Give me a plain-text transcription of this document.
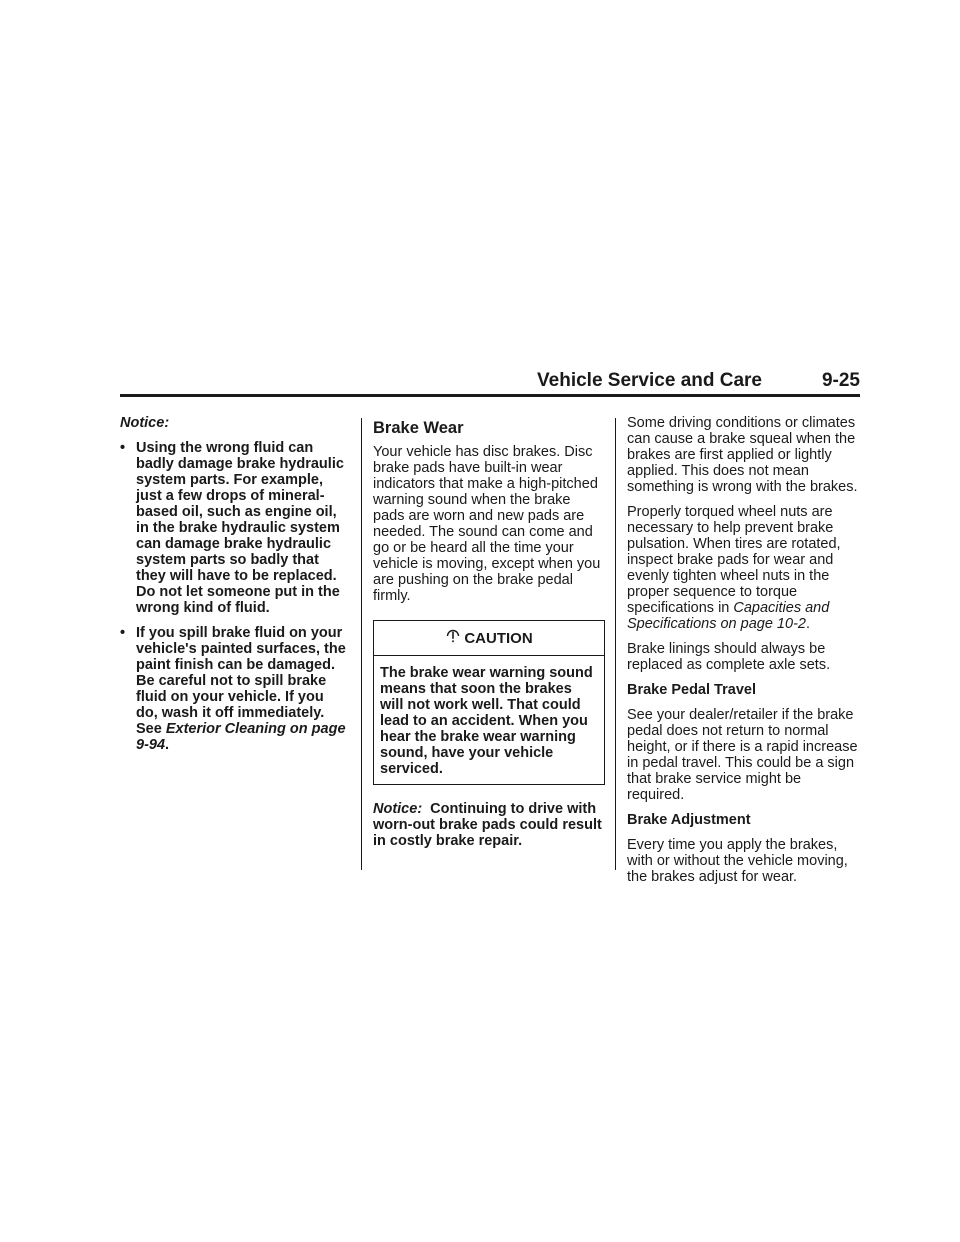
Vehicle Service and Care	9-25
Notice:
• Using the wrong fluid can badly damage brake hydraulic system parts. For example, just a few drops of mineral-based oil, such as engine oil, in the brake hydraulic system can damage brake hydraulic system parts so badly that they will have to be replaced. Do not let someone put in the wrong kind of fluid.
• If you spill brake fluid on your vehicle's painted surfaces, the paint finish can be damaged. Be careful not to spill brake fluid on your vehicle. If you do, wash it off immediately. See Exterior Cleaning on page 9-94.
Brake Wear

Your vehicle has disc brakes. Disc brake pads have built-in wear indicators that make a high-pitched warning sound when the brake pads are worn and new pads are needed. The sound can come and go or be heard all the time your vehicle is moving, except when you are pushing on the brake pedal firmly.

CAUTION
The brake wear warning sound means that soon the brakes will not work well. That could lead to an accident. When you hear the brake wear warning sound, have your vehicle serviced.

Notice: Continuing to drive with worn-out brake pads could result in costly brake repair.

Some driving conditions or climates can cause a brake squeal when the brakes are first applied or lightly applied. This does not mean something is wrong with the brakes.

Properly torqued wheel nuts are necessary to help prevent brake pulsation. When tires are rotated, inspect brake pads for wear and evenly tighten wheel nuts in the proper sequence to torque specifications in Capacities and Specifications on page 10-2.

Brake linings should always be replaced as complete axle sets.

Brake Pedal Travel

See your dealer/retailer if the brake pedal does not return to normal height, or if there is a rapid increase in pedal travel. This could be a sign that brake service might be required.

Brake Adjustment

Every time you apply the brakes, with or without the vehicle moving, the brakes adjust for wear.
